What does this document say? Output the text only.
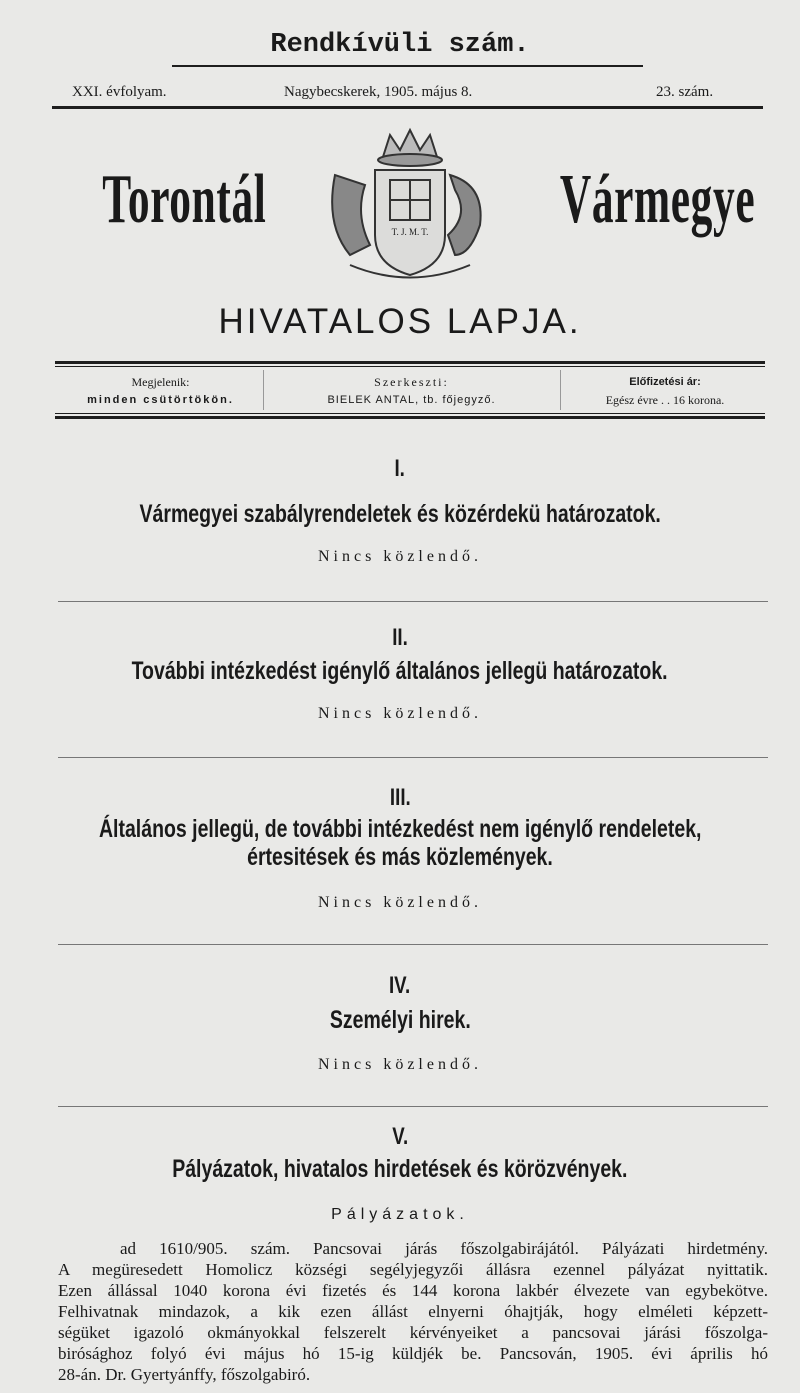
Rendkívüli szám.
XXI. évfolyam.	Nagybecskerek, 1905. május 8.	23. szám.
Torontál	Vármegye
T. J. M. T.
HIVATALOS LAPJA.
Megjelenik:
minden csütörtökön.
Szerkeszti:
BIELEK ANTAL, tb. főjegyző.
Előfizetési ár:
Egész évre . . 16 korona.
I.
Vármegyei szabályrendeletek és közérdekü határozatok.
Nincs közlendő.
II.
További intézkedést igénylő általános jellegü határozatok.
Nincs közlendő.
III.
Általános jellegü, de további intézkedést nem igénylő rendeletek,
értesitések és más közlemények.
Nincs közlendő.
IV.
Személyi hirek.
Nincs közlendő.
V.
Pályázatok, hivatalos hirdetések és körözvények.
Pályázatok.
ad 1610/905. szám. Pancsovai járás főszolgabirájától. Pályázati hirdetmény.
A megüresedett Homolicz községi segélyjegyzői állásra ezennel pályázat nyittatik.
Ezen állással 1040 korona évi fizetés és 144 korona lakbér élvezete van egybekötve.
Felhivatnak mindazok, a kik ezen állást elnyerni óhajtják, hogy elméleti képzett-
ségüket igazoló okmányokkal felszerelt kérvényeiket a pancsovai járási főszolga-
birósághoz folyó évi május hó 15-ig küldjék be. Pancsován, 1905. évi április hó
28-án. Dr. Gyertyánffy, főszolgabiró.
